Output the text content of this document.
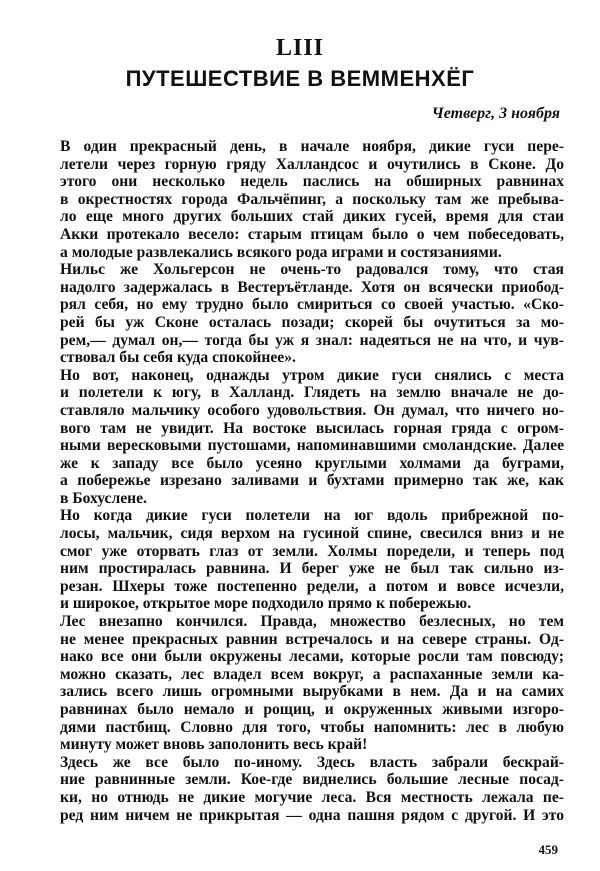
LIII
ПУТЕШЕСТВИЕ В ВЕММЕНХЁГ
Четверг, 3 ноября
В один прекрасный день, в начале ноября, дикие гуси пере-
летели через горную гряду Халландсос и очутились в Сконе. До
этого они несколько недель паслись на обширных равнинах
в окрестностях города Фальчёпинг, а поскольку там же пребыва-
ло еще много других больших стай диких гусей, время для стаи
Акки протекало весело: старым птицам было о чем побеседовать,
а молодые развлекались всякого рода играми и состязаниями.
Нильс же Хольгерсон не очень-то радовался тому, что стая
надолго задержалась в Вестеръётланде. Хотя он всячески приобод-
рял себя, но ему трудно было смириться со своей участью. «Ско-
рей бы уж Сконе осталась позади; скорей бы очутиться за мо-
рем,— думал он,— тогда бы уж я знал: надеяться не на что, и чув-
ствовал бы себя куда спокойнее».
Но вот, наконец, однажды утром дикие гуси снялись с места
и полетели к югу, в Халланд. Глядеть на землю вначале не до-
ставляло мальчику особого удовольствия. Он думал, что ничего но-
вого там не увидит. На востоке высилась горная гряда с огром-
ными вересковыми пустошами, напоминавшими смоландские. Далее
же к западу все было усеяно круглыми холмами да буграми,
а побережье изрезано заливами и бухтами примерно так же, как
в Бохуслене.
Но когда дикие гуси полетели на юг вдоль прибрежной по-
лосы, мальчик, сидя верхом на гусиной спине, свесился вниз и не
смог уже оторвать глаз от земли. Холмы поредели, и теперь под
ним простиралась равнина. И берег уже не был так сильно из-
резан. Шхеры тоже постепенно редели, а потом и вовсе исчезли,
и широкое, открытое море подходило прямо к побережью.
Лес внезапно кончился. Правда, множество безлесных, но тем
не менее прекрасных равнин встречалось и на севере страны. Од-
нако все они были окружены лесами, которые росли там повсюду;
можно сказать, лес владел всем вокруг, а распаханные земли ка-
зались всего лишь огромными вырубками в нем. Да и на самих
равнинах было немало и рощиц, и окруженных живыми изгоро-
дями пастбищ. Словно для того, чтобы напомнить: лес в любую
минуту может вновь заполонить весь край!
Здесь же все было по-иному. Здесь власть забрали бескрай-
ние равнинные земли. Кое-где виднелись большие лесные посад-
ки, но отнюдь не дикие могучие леса. Вся местность лежала пе-
ред ним ничем не прикрытая — одна пашня рядом с другой. И это
459
